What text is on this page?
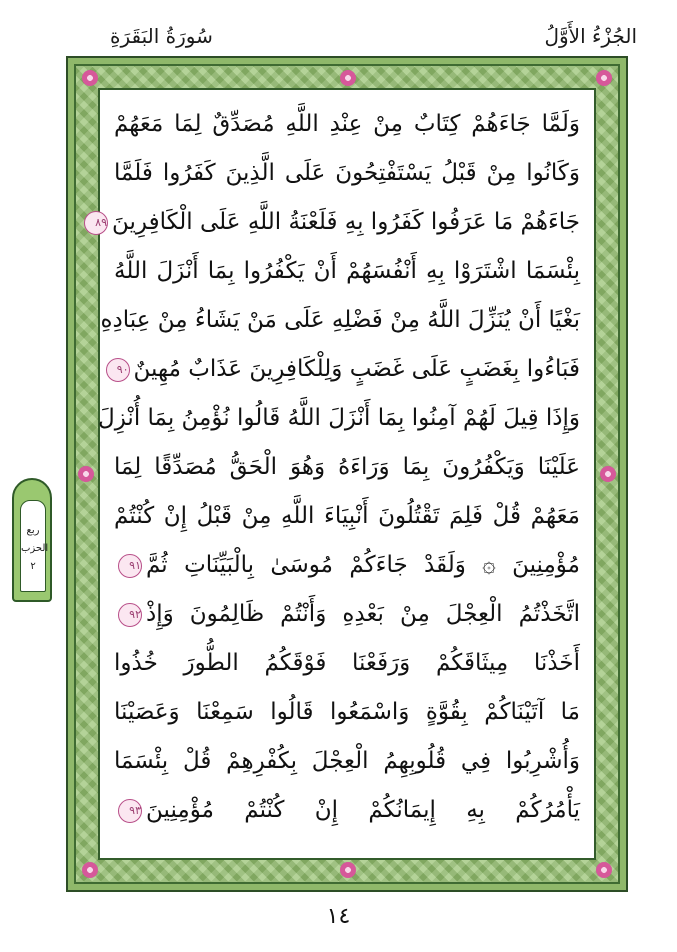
سُورَةُ البَقَرَةِ	الجُزْءُ الأَوَّلُ
وَلَمَّا جَاءَهُمْ كِتَابٌ مِنْ عِنْدِ اللَّهِ مُصَدِّقٌ لِمَا مَعَهُمْ
وَكَانُوا مِنْ قَبْلُ يَسْتَفْتِحُونَ عَلَى الَّذِينَ كَفَرُوا فَلَمَّا
جَاءَهُمْ مَا عَرَفُوا كَفَرُوا بِهِ فَلَعْنَةُ اللَّهِ عَلَى الْكَافِرِينَ٨٩
بِئْسَمَا اشْتَرَوْا بِهِ أَنْفُسَهُمْ أَنْ يَكْفُرُوا بِمَا أَنْزَلَ اللَّهُ
بَغْيًا أَنْ يُنَزِّلَ اللَّهُ مِنْ فَضْلِهِ عَلَى مَنْ يَشَاءُ مِنْ عِبَادِهِ
فَبَاءُوا بِغَضَبٍ عَلَى غَضَبٍ وَلِلْكَافِرِينَ عَذَابٌ مُهِينٌ٩٠
وَإِذَا قِيلَ لَهُمْ آمِنُوا بِمَا أَنْزَلَ اللَّهُ قَالُوا نُؤْمِنُ بِمَا أُنْزِلَ
عَلَيْنَا وَيَكْفُرُونَ بِمَا وَرَاءَهُ وَهُوَ الْحَقُّ مُصَدِّقًا لِمَا
مَعَهُمْ قُلْ فَلِمَ تَقْتُلُونَ أَنْبِيَاءَ اللَّهِ مِنْ قَبْلُ إِنْ كُنْتُمْ
مُؤْمِنِينَ ۞ وَلَقَدْ جَاءَكُمْ مُوسَىٰ بِالْبَيِّنَاتِ ثُمَّ٩١
اتَّخَذْتُمُ الْعِجْلَ مِنْ بَعْدِهِ وَأَنْتُمْ ظَالِمُونَ وَإِذْ٩٢
أَخَذْنَا مِيثَاقَكُمْ وَرَفَعْنَا فَوْقَكُمُ الطُّورَ خُذُوا
مَا آتَيْنَاكُمْ بِقُوَّةٍ وَاسْمَعُوا قَالُوا سَمِعْنَا وَعَصَيْنَا
وَأُشْرِبُوا فِي قُلُوبِهِمُ الْعِجْلَ بِكُفْرِهِمْ قُلْ بِئْسَمَا
يَأْمُرُكُمْ بِهِ إِيمَانُكُمْ إِنْ كُنْتُمْ مُؤْمِنِينَ٩٣
ربع
الحزب
٢
١٤
